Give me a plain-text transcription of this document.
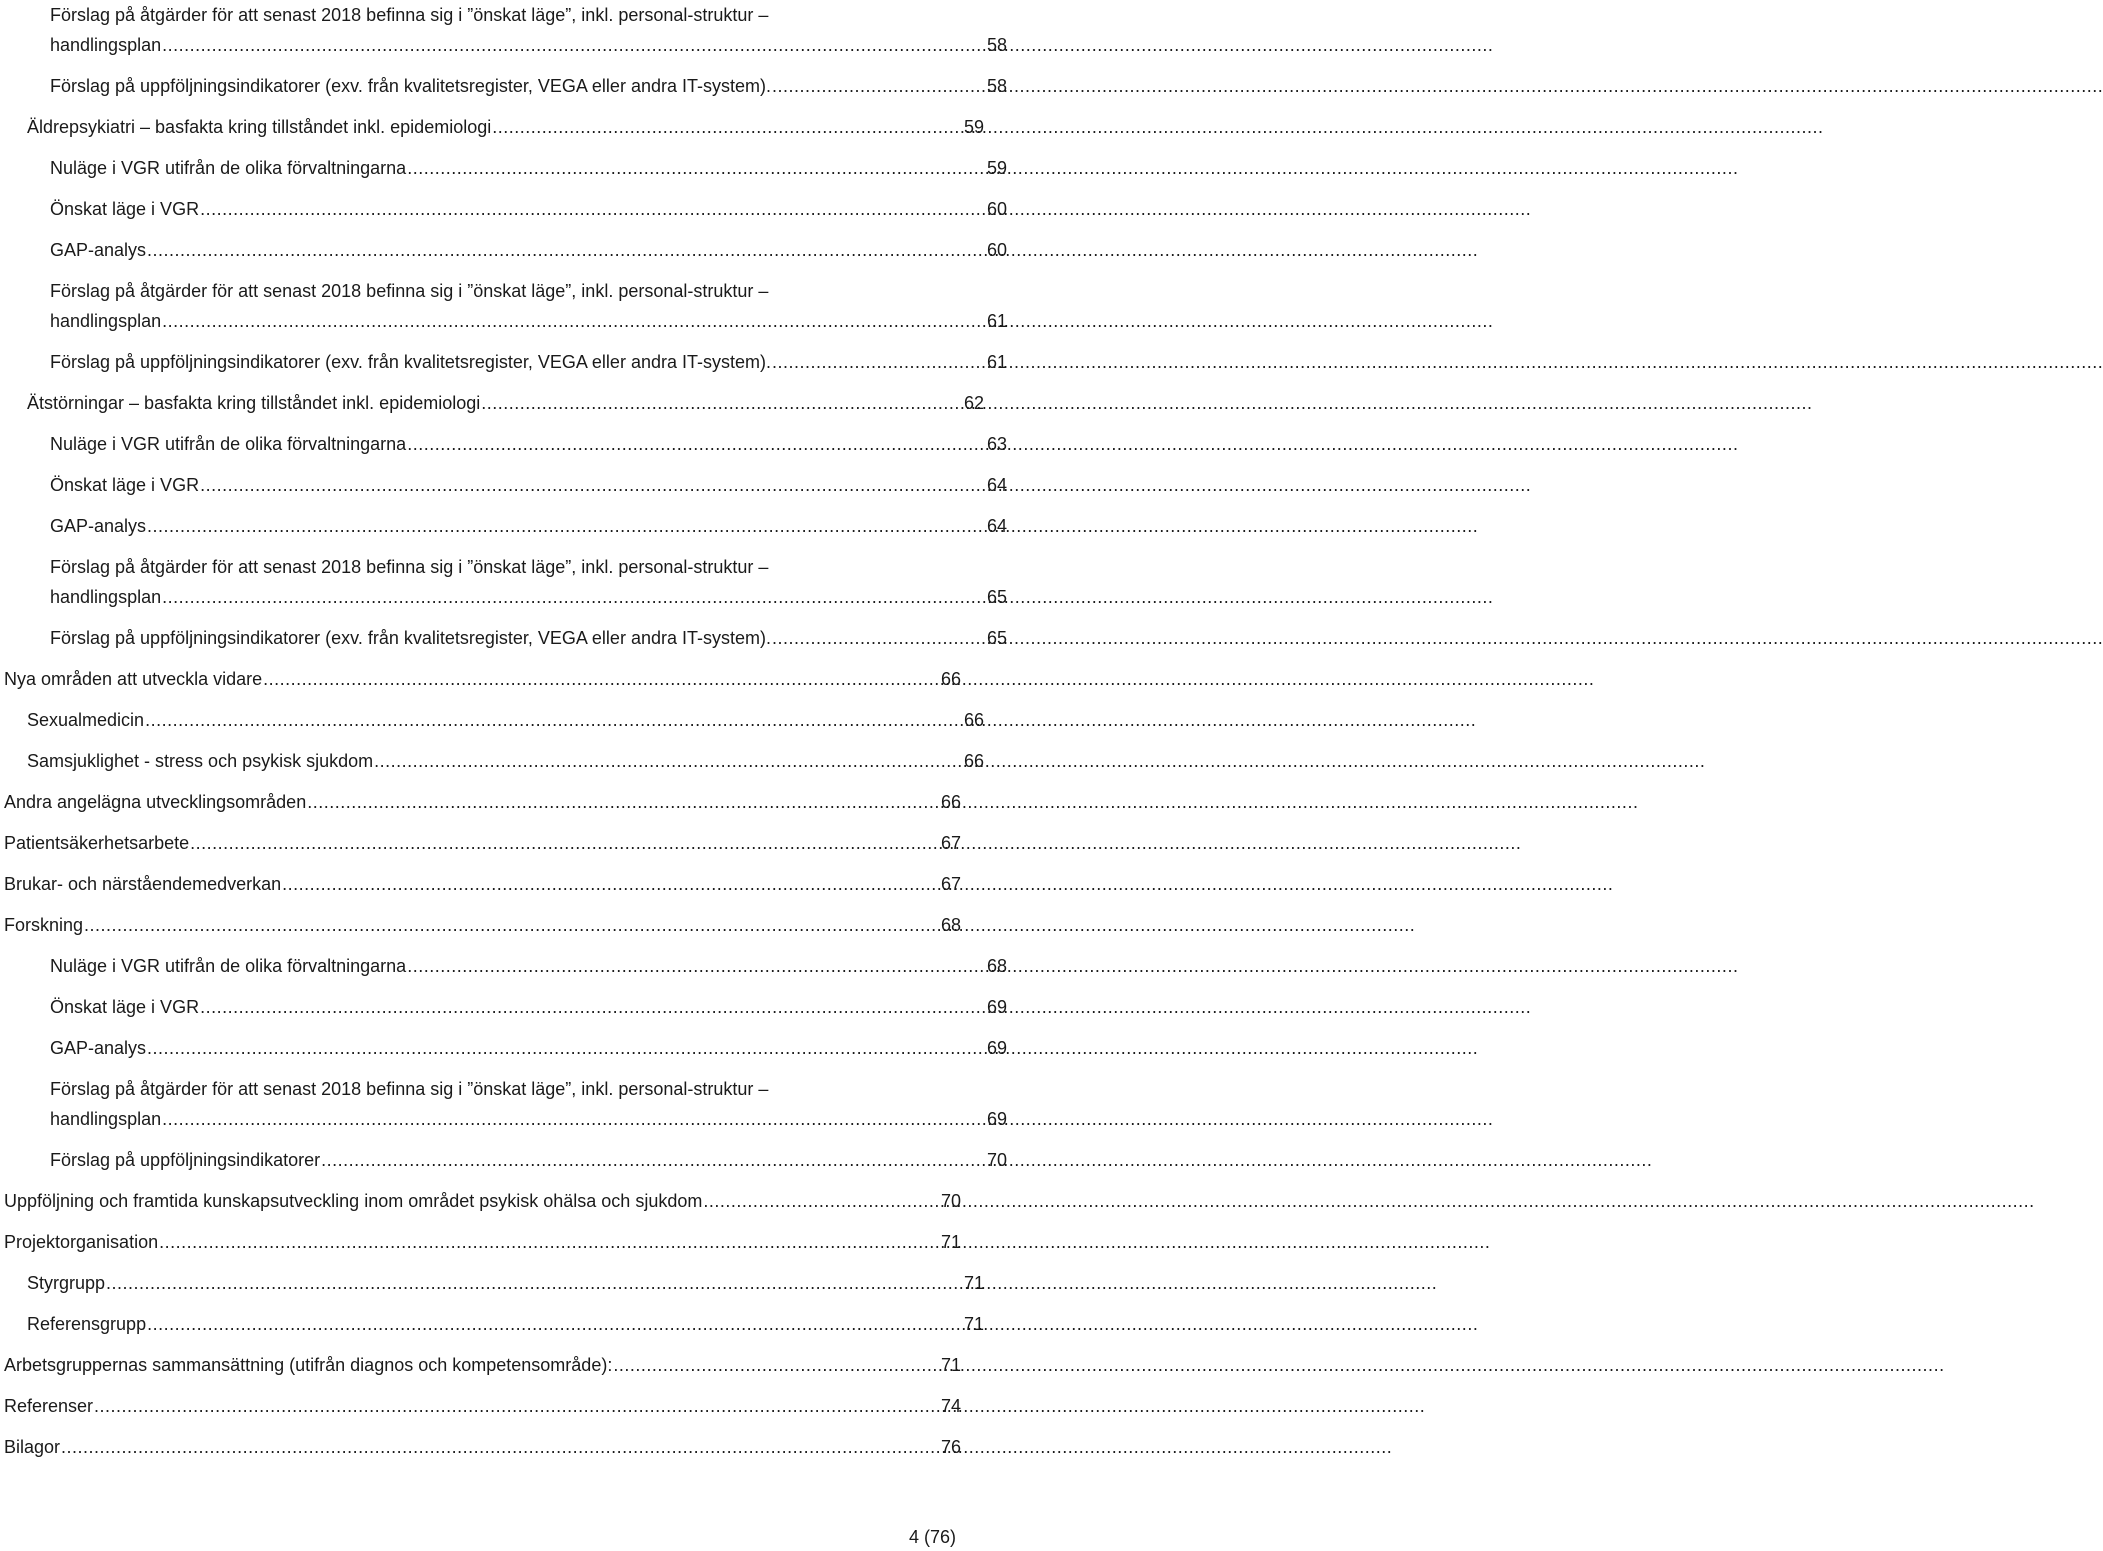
Förslag på åtgärder för att senast 2018 befinna sig i ”önskat läge”, inkl. personal-struktur –
handlingsplan .....	58
Förslag på uppföljningsindikatorer (exv. från kvalitetsregister, VEGA eller andra IT-system). .....	58
Äldrepsykiatri – basfakta kring tillståndet inkl. epidemiologi .....	59
Nuläge i VGR utifrån de olika förvaltningarna .....	59
Önskat läge i VGR .....	60
GAP-analys .....	60
Förslag på åtgärder för att senast 2018 befinna sig i ”önskat läge”, inkl. personal-struktur –
handlingsplan .....	61
Förslag på uppföljningsindikatorer (exv. från kvalitetsregister, VEGA eller andra IT-system). .....	61
Ätstörningar – basfakta kring tillståndet inkl. epidemiologi .....	62
Nuläge i VGR utifrån de olika förvaltningarna .....	63
Önskat läge i VGR .....	64
GAP-analys .....	64
Förslag på åtgärder för att senast 2018 befinna sig i ”önskat läge”, inkl. personal-struktur –
handlingsplan .....	65
Förslag på uppföljningsindikatorer (exv. från kvalitetsregister, VEGA eller andra IT-system). .....	65
Nya områden att utveckla vidare .....	66
Sexualmedicin .....	66
Samsjuklighet - stress och psykisk sjukdom .....	66
Andra angelägna utvecklingsområden .....	66
Patientsäkerhetsarbete .....	67
Brukar- och närståendemedverkan .....	67
Forskning .....	68
Nuläge i VGR utifrån de olika förvaltningarna .....	68
Önskat läge i VGR .....	69
GAP-analys .....	69
Förslag på åtgärder för att senast 2018 befinna sig i ”önskat läge”, inkl. personal-struktur –
handlingsplan .....	69
Förslag på uppföljningsindikatorer .....	70
Uppföljning och framtida kunskapsutveckling inom området psykisk ohälsa och sjukdom .....	70
Projektorganisation .....	71
Styrgrupp .....	71
Referensgrupp .....	71
Arbetsgruppernas sammansättning (utifrån diagnos och kompetensområde): .....	71
Referenser .....	74
Bilagor .....	76
4 (76)
